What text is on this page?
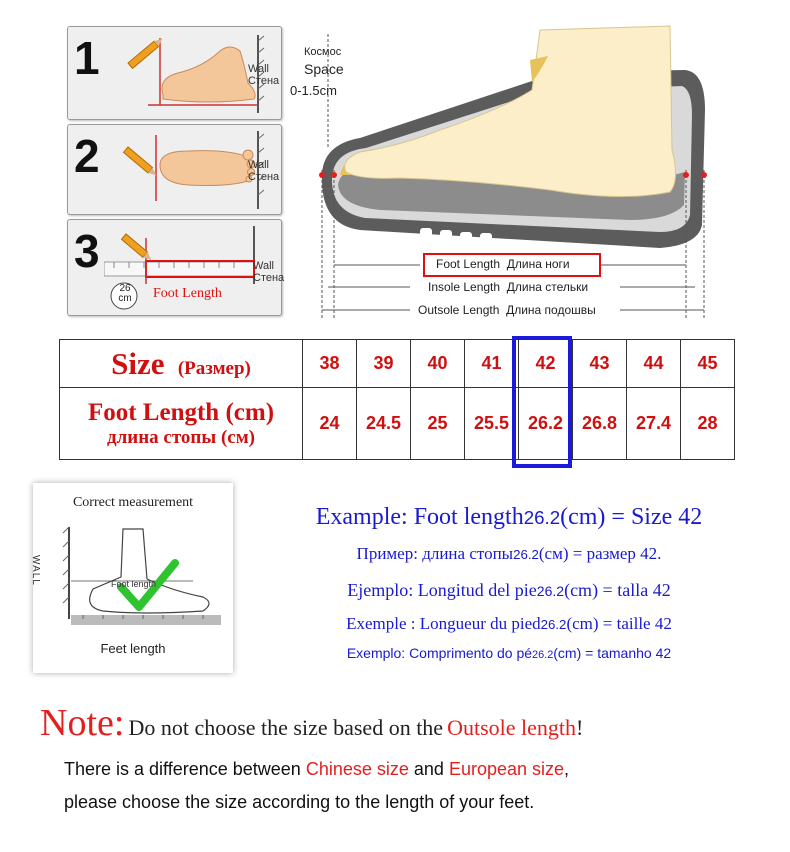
1	Wall
Стена
2	Wall
Стена
3
26
cm	Foot Length
Wall
Стена
Космос
Space
0-1.5cm
Foot Length Длина ноги
Insole Length Длина стельки
Outsole Length Длина подошвы
Size (Размер)	38	39	40	41	42	43	44	45

Foot Length (cm)
длина стопы (см)	24	24.5	25	25.5	26.2	26.8	27.4	28
Correct measurement
WALL	Foot length
Feet length
Example: Foot length26.2(cm) = Size 42
Пример: длина стопы26.2(см) = размер 42.
Ejemplo: Longitud del pie26.2(cm) = talla 42
Exemple : Longueur du pied26.2(cm) = taille 42
Exemplo: Comprimento do pé26.2(cm) = tamanho 42
Note: Do not choose the size based on the Outsole length!
There is a difference between Chinese size and European size,
please choose the size according to the length of your feet.
